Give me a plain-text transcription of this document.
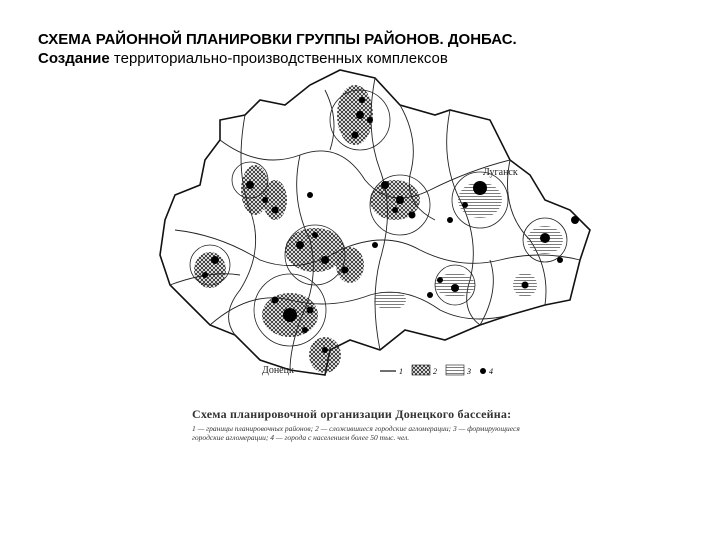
СХЕМА РАЙОННОЙ ПЛАНИРОВКИ ГРУППЫ РАЙОНОВ. ДОНБАС.
Создание территориально-производственных комплексов
Луганск
Донецк	1	2	3 4
Схема планировочной организации Донецкого бассейна:
1 — границы планировочных районов; 2 — сложившиеся городские агломерации; 3 — формирующиеся городские агломерации; 4 — города с населением более 50 тыс. чел.
